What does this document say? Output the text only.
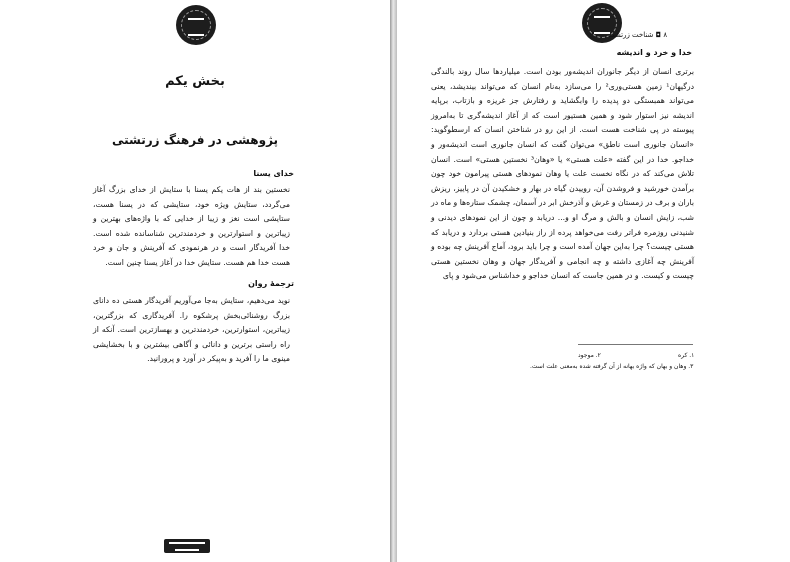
بخش یکم
پژوهشی در فرهنگ زرتشتی
خدای یسنا

نخستین بند از هات یکم یسنا با ستایش از خدای بزرگ آغاز می‌گردد، ستایش ویژه خود، ستایشی که در یسنا هست، ستایشی است نغز و زیبا از خدایی که با واژه‌های بهترین و زیباترین و استوارترین و خردمندترین شناسانده شده است. خدا آفریدگار است و در هرنمودی که آفرینش و جان و خرد هست خدا هم هست. ستایش خدا در آغاز یسنا چنین است.

ترجمهٔ روان

نوید می‌دهیم، ستایش به‌جا می‌آوریم آفریدگار هستی ده دانای بزرگ روشنائی‌بخش پرشکوه را. آفریدگاری که بزرگترین، زیباترین، استوارترین، خردمندترین و بهسازترین است. آنکه از راه راستی برترین و دانائی و آگاهی بیشترین و با بخشایشی مینوی ما را آفرید و به‌پیکر در آورد و پرورانید.

۸ ◘ شناخت زرتشت
خدا و خرد و اندیشه

برتری انسان از دیگر جانوران اندیشه‌ور بودن است. میلیاردها سال روند بالندگی درگیهان¹ زمین هستی‌وری² را می‌سازد به‌نام انسان که می‌تواند بیندیشد، یعنی می‌تواند همبستگی دو پدیده را وابگشاید و رفتارش جز غریزه و بازتاب، برپایه اندیشه نیز استوار شود و همین هستیور است که از آغاز اندیشه‌گری تا به‌امروز پیوسته در پی شناخت هست است. از این رو در شناختن انسان که ارسطوگوید: «انسان جانوری است ناطق» می‌توان گفت که انسان جانوری است اندیشه‌ور و خداجو. خدا در این گفته «علت هستی» یا «وهان³ نخستین هستی» است. انسان تلاش می‌کند که در نگاه نخست علت یا وهان نمودهای هستی پیرامون خود چون برآمدن خورشید و فروشدن آن، روییدن گیاه در بهار و خشکیدن آن در پاییز، ریزش باران و برف در زمستان و غرش و آذرخش ابر در آسمان، چشمک ستاره‌ها و ماه در شب، زایش انسان و بالش و مرگ او و... دریابد و چون از این نمودهای دیدنی و شنیدنی روزمره فراتر رفت می‌خواهد پرده از راز بنیادین هستی بردارد و دریابد که هستی چیست؟ چرا به‌این جهان آمده است و چرا باید برود، آماج آفرینش چه بوده و آفرینش چه آغازی داشته و چه انجامی و آفریدگار جهان و وهان نخستین هستی چیست و کیست. و در همین جاست که انسان خداجو و خداشناس می‌شود و پای

۱. کره
۲. موجود
۳. وهان و بهان که واژه بهانه از آن گرفته شده به‌معنی علت است.
